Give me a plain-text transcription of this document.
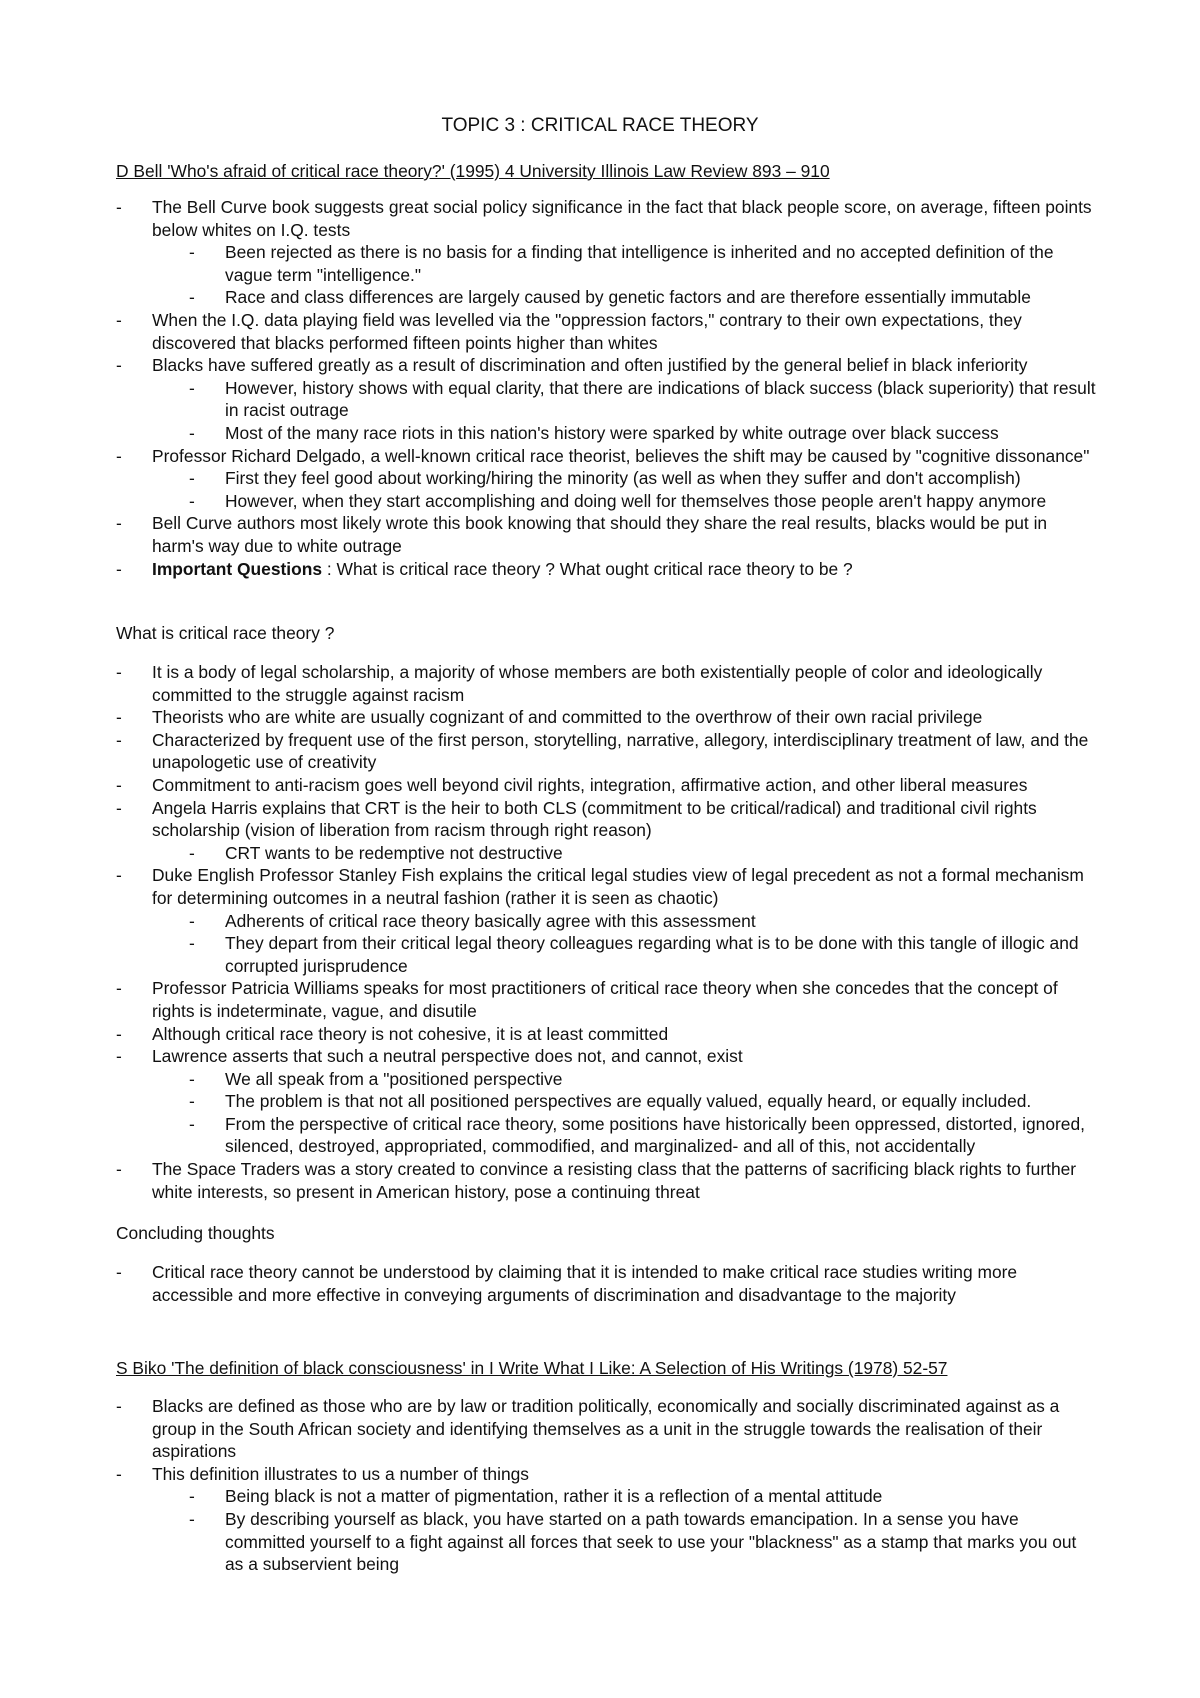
TOPIC 3 : CRITICAL RACE THEORY
D Bell 'Who's afraid of critical race theory?' (1995) 4 University Illinois Law Review 893 – 910
- The Bell Curve book suggests great social policy significance in the fact that black people score, on average, fifteen points below whites on I.Q. tests
- Been rejected as there is no basis for a finding that intelligence is inherited and no accepted definition of the vague term "intelligence."
- Race and class differences are largely caused by genetic factors and are therefore essentially immutable
- When the I.Q. data playing field was levelled via the "oppression factors," contrary to their own expectations, they discovered that blacks performed fifteen points higher than whites
- Blacks have suffered greatly as a result of discrimination and often justified by the general belief in black inferiority
- However, history shows with equal clarity, that there are indications of black success (black superiority) that result in racist outrage
- Most of the many race riots in this nation's history were sparked by white outrage over black success
- Professor Richard Delgado, a well-known critical race theorist, believes the shift may be caused by "cognitive dissonance"
- First they feel good about working/hiring the minority (as well as when they suffer and don't accomplish)
- However, when they start accomplishing and doing well for themselves those people aren't happy anymore
- Bell Curve authors most likely wrote this book knowing that should they share the real results, blacks would be put in harm's way due to white outrage
- Important Questions : What is critical race theory ? What ought critical race theory to be ?
What is critical race theory ?
- It is a body of legal scholarship, a majority of whose members are both existentially people of color and ideologically committed to the struggle against racism
- Theorists who are white are usually cognizant of and committed to the overthrow of their own racial privilege
- Characterized by frequent use of the first person, storytelling, narrative, allegory, interdisciplinary treatment of law, and the unapologetic use of creativity
- Commitment to anti-racism goes well beyond civil rights, integration, affirmative action, and other liberal measures
- Angela Harris explains that CRT is the heir to both CLS (commitment to be critical/radical) and traditional civil rights scholarship (vision of liberation from racism through right reason)
- CRT wants to be redemptive not destructive
- Duke English Professor Stanley Fish explains the critical legal studies view of legal precedent as not a formal mechanism for determining outcomes in a neutral fashion (rather it is seen as chaotic)
- Adherents of critical race theory basically agree with this assessment
- They depart from their critical legal theory colleagues regarding what is to be done with this tangle of illogic and corrupted jurisprudence
- Professor Patricia Williams speaks for most practitioners of critical race theory when she concedes that the concept of rights is indeterminate, vague, and disutile
- Although critical race theory is not cohesive, it is at least committed
- Lawrence asserts that such a neutral perspective does not, and cannot, exist
- We all speak from a "positioned perspective
- The problem is that not all positioned perspectives are equally valued, equally heard, or equally included.
- From the perspective of critical race theory, some positions have historically been oppressed, distorted, ignored, silenced, destroyed, appropriated, commodified, and marginalized- and all of this, not accidentally
- The Space Traders was a story created to convince a resisting class that the patterns of sacrificing black rights to further white interests, so present in American history, pose a continuing threat
Concluding thoughts
- Critical race theory cannot be understood by claiming that it is intended to make critical race studies writing more accessible and more effective in conveying arguments of discrimination and disadvantage to the majority
S Biko 'The definition of black consciousness' in I Write What I Like: A Selection of His Writings (1978) 52-57
- Blacks are defined as those who are by law or tradition politically, economically and socially discriminated against as a group in the South African society and identifying themselves as a unit in the struggle towards the realisation of their aspirations
- This definition illustrates to us a number of things
- Being black is not a matter of pigmentation, rather it is a reflection of a mental attitude
- By describing yourself as black, you have started on a path towards emancipation. In a sense you have committed yourself to a fight against all forces that seek to use your "blackness" as a stamp that marks you out as a subservient being
